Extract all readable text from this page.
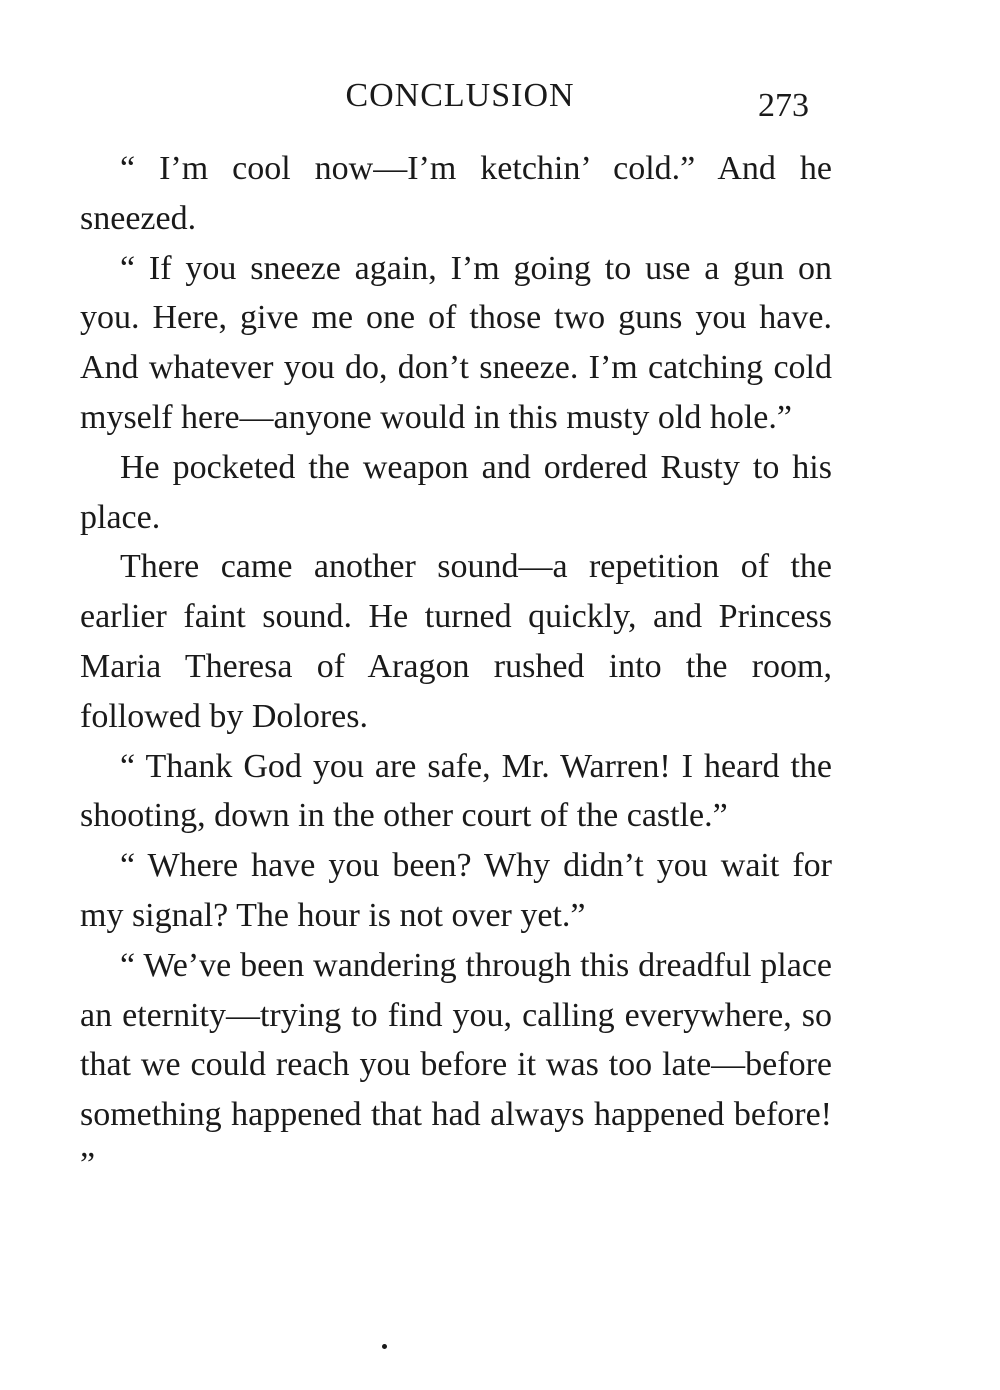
CONCLUSION	273

“ I’m cool now—I’m ketchin’ cold.” And he sneezed.

“ If you sneeze again, I’m going to use a gun on you. Here, give me one of those two guns you have. And whatever you do, don’t sneeze. I’m catching cold myself here—anyone would in this musty old hole.”

He pocketed the weapon and ordered Rusty to his place.

There came another sound—a repetition of the earlier faint sound. He turned quickly, and Princess Maria Theresa of Aragon rushed into the room, followed by Dolores.

“ Thank God you are safe, Mr. Warren! I heard the shooting, down in the other court of the castle.”

“ Where have you been? Why didn’t you wait for my signal? The hour is not over yet.”

“ We’ve been wandering through this dreadful place an eternity—trying to find you, calling everywhere, so that we could reach you before it was too late—before something happened that had always happened before! ”
